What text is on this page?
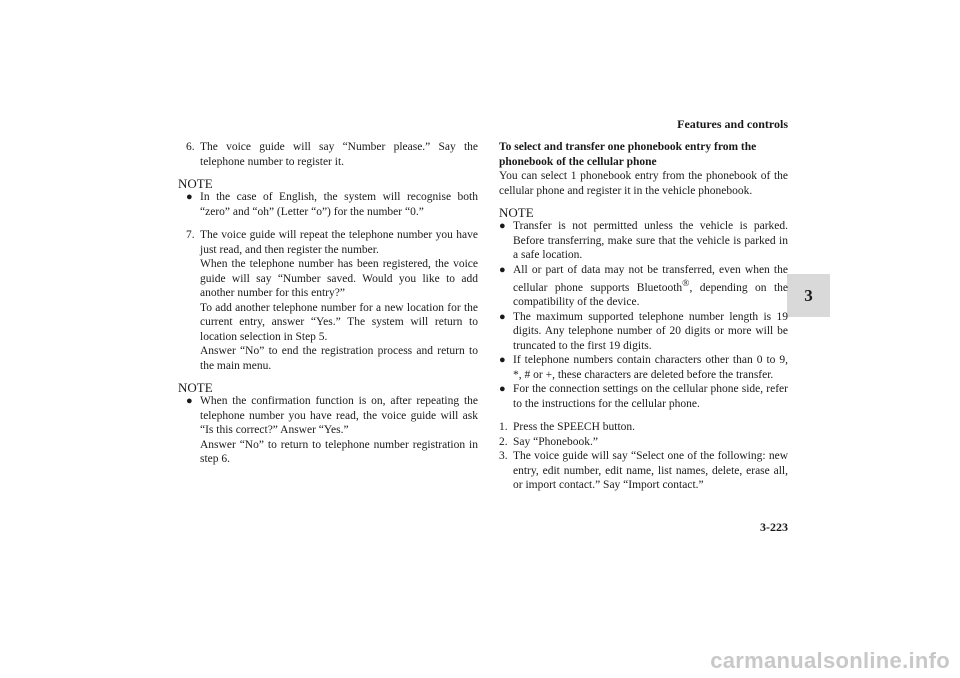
Features and controls
3
3-223
6. The voice guide will say “Number please.” Say the telephone number to register it.
NOTE
● In the case of English, the system will recognise both “zero” and “oh” (Letter “o”) for the number “0.”
7. The voice guide will repeat the telephone number you have just read, and then register the number.

When the telephone number has been registered, the voice guide will say “Number saved. Would you like to add another number for this entry?”

To add another telephone number for a new location for the current entry, answer “Yes.” The system will return to location selection in Step 5.

Answer “No” to end the registration process and return to the main menu.

NOTE
● When the confirmation function is on, after repeating the telephone number you have read, the voice guide will ask “Is this correct?” Answer “Yes.”

Answer “No” to return to telephone number registration in step 6.

To select and transfer one phonebook entry from the phonebook of the cellular phone

You can select 1 phonebook entry from the phonebook of the cellular phone and register it in the vehicle phonebook.

NOTE
● Transfer is not permitted unless the vehicle is parked. Before transferring, make sure that the vehicle is parked in a safe location.
● All or part of data may not be transferred, even when the cellular phone supports Bluetooth®, depending on the compatibility of the device.
● The maximum supported telephone number length is 19 digits. Any telephone number of 20 digits or more will be truncated to the first 19 digits.
● If telephone numbers contain characters other than 0 to 9, *, # or +, these characters are deleted before the transfer.
● For the connection settings on the cellular phone side, refer to the instructions for the cellular phone.
1. Press the SPEECH button.
2. Say “Phonebook.”
3. The voice guide will say “Select one of the following: new entry, edit number, edit name, list names, delete, erase all, or import contact.” Say “Import contact.”
carmanualsonline.info
